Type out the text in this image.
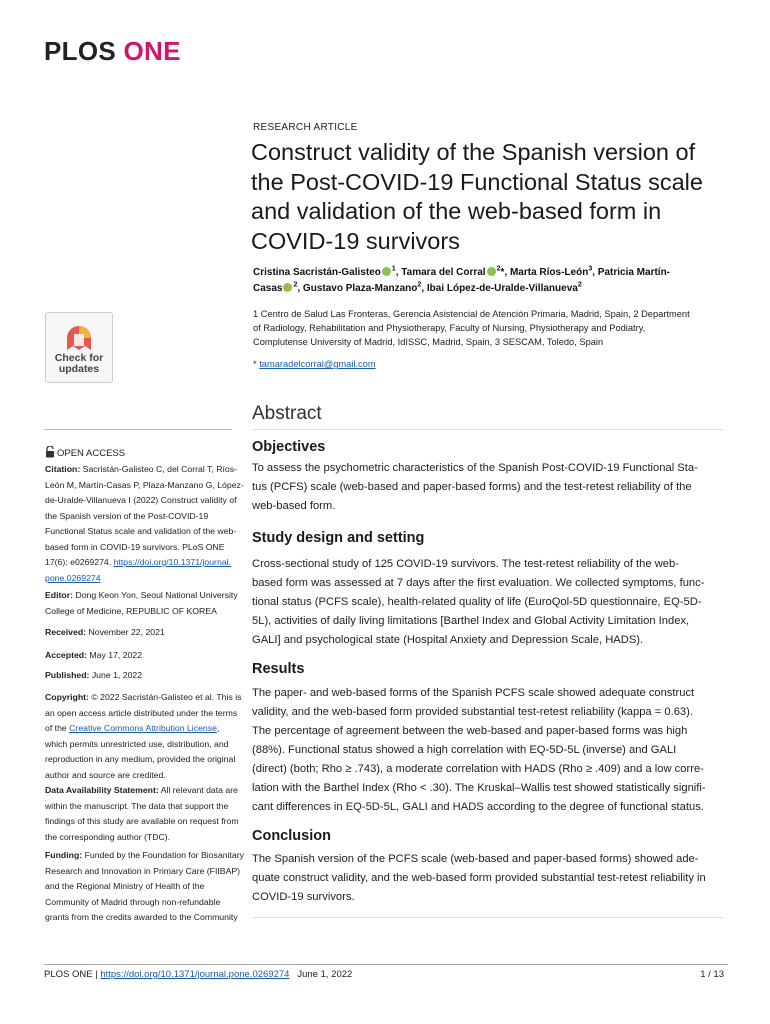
PLOS ONE
RESEARCH ARTICLE
Construct validity of the Spanish version of
the Post-COVID-19 Functional Status scale
and validation of the web-based form in
COVID-19 survivors
Cristina Sacristán-Galisteo $^1$, Tamara del Corral $^2$*, Marta Ríos-León$^3$, Patricia Martín-
Casas $^2$, Gustavo Plaza-Manzano$^2$, Ibai López-de-Uralde-Villanueva$^2$
1 Centro de Salud Las Fronteras, Gerencia Asistencial de Atención Primaria, Madrid, Spain, 2 Department
of Radiology, Rehabilitation and Physiotherapy, Faculty of Nursing, Physiotherapy and Podiatry,
Complutense University of Madrid, IdISSC, Madrid, Spain, 3 SESCAM, Toledo, Spain
* tamaradelcorral@gmail.com
Check for
updates
Abstract
OPEN ACCESS
Citation: Sacristán-Galisteo C, del Corral T, Ríos-
León M, Martín-Casas P, Plaza-Manzano G, López-
de-Uralde-Villanueva I (2022) Construct validity of
the Spanish version of the Post-COVID-19
Functional Status scale and validation of the web-
based form in COVID-19 survivors. PLoS ONE
17(6): e0269274. https://doi.org/10.1371/journal.
pone.0269274
Editor: Dong Keon Yon, Seoul National University
College of Medicine, REPUBLIC OF KOREA
Received: November 22, 2021
Accepted: May 17, 2022
Published: June 1, 2022
Copyright: © 2022 Sacristán-Galisteo et al. This is
an open access article distributed under the terms
of the Creative Commons Attribution License,
which permits unrestricted use, distribution, and
reproduction in any medium, provided the original
author and source are credited.
Data Availability Statement: All relevant data are
within the manuscript. The data that support the
findings of this study are available on request from
the corresponding author (TDC).
Funding: Funded by the Foundation for Biosanitary
Research and Innovation in Primary Care (FIIBAP)
and the Regional Ministry of Health of the
Community of Madrid through non-refundable
grants from the credits awarded to the Community
Objectives
To assess the psychometric characteristics of the Spanish Post-COVID-19 Functional Sta-
tus (PCFS) scale (web-based and paper-based forms) and the test-retest reliability of the
web-based form.
Study design and setting
Cross-sectional study of 125 COVID-19 survivors. The test-retest reliability of the web-
based form was assessed at 7 days after the first evaluation. We collected symptoms, func-
tional status (PCFS scale), health-related quality of life (EuroQol-5D questionnaire, EQ-5D-
5L), activities of daily living limitations [Barthel Index and Global Activity Limitation Index,
GALI] and psychological state (Hospital Anxiety and Depression Scale, HADS).
Results
The paper- and web-based forms of the Spanish PCFS scale showed adequate construct
validity, and the web-based form provided substantial test-retest reliability (kappa = 0.63).
The percentage of agreement between the web-based and paper-based forms was high
(88%). Functional status showed a high correlation with EQ-5D-5L (inverse) and GALI
(direct) (both; Rho ≥ .743), a moderate correlation with HADS (Rho ≥ .409) and a low corre-
lation with the Barthel Index (Rho < .30). The Kruskal–Wallis test showed statistically signifi-
cant differences in EQ-5D-5L, GALI and HADS according to the degree of functional status.
Conclusion
The Spanish version of the PCFS scale (web-based and paper-based forms) showed ade-
quate construct validity, and the web-based form provided substantial test-retest reliability in
COVID-19 survivors.
PLOS ONE | https://doi.org/10.1371/journal.pone.0269274 June 1, 2022	1 / 13
